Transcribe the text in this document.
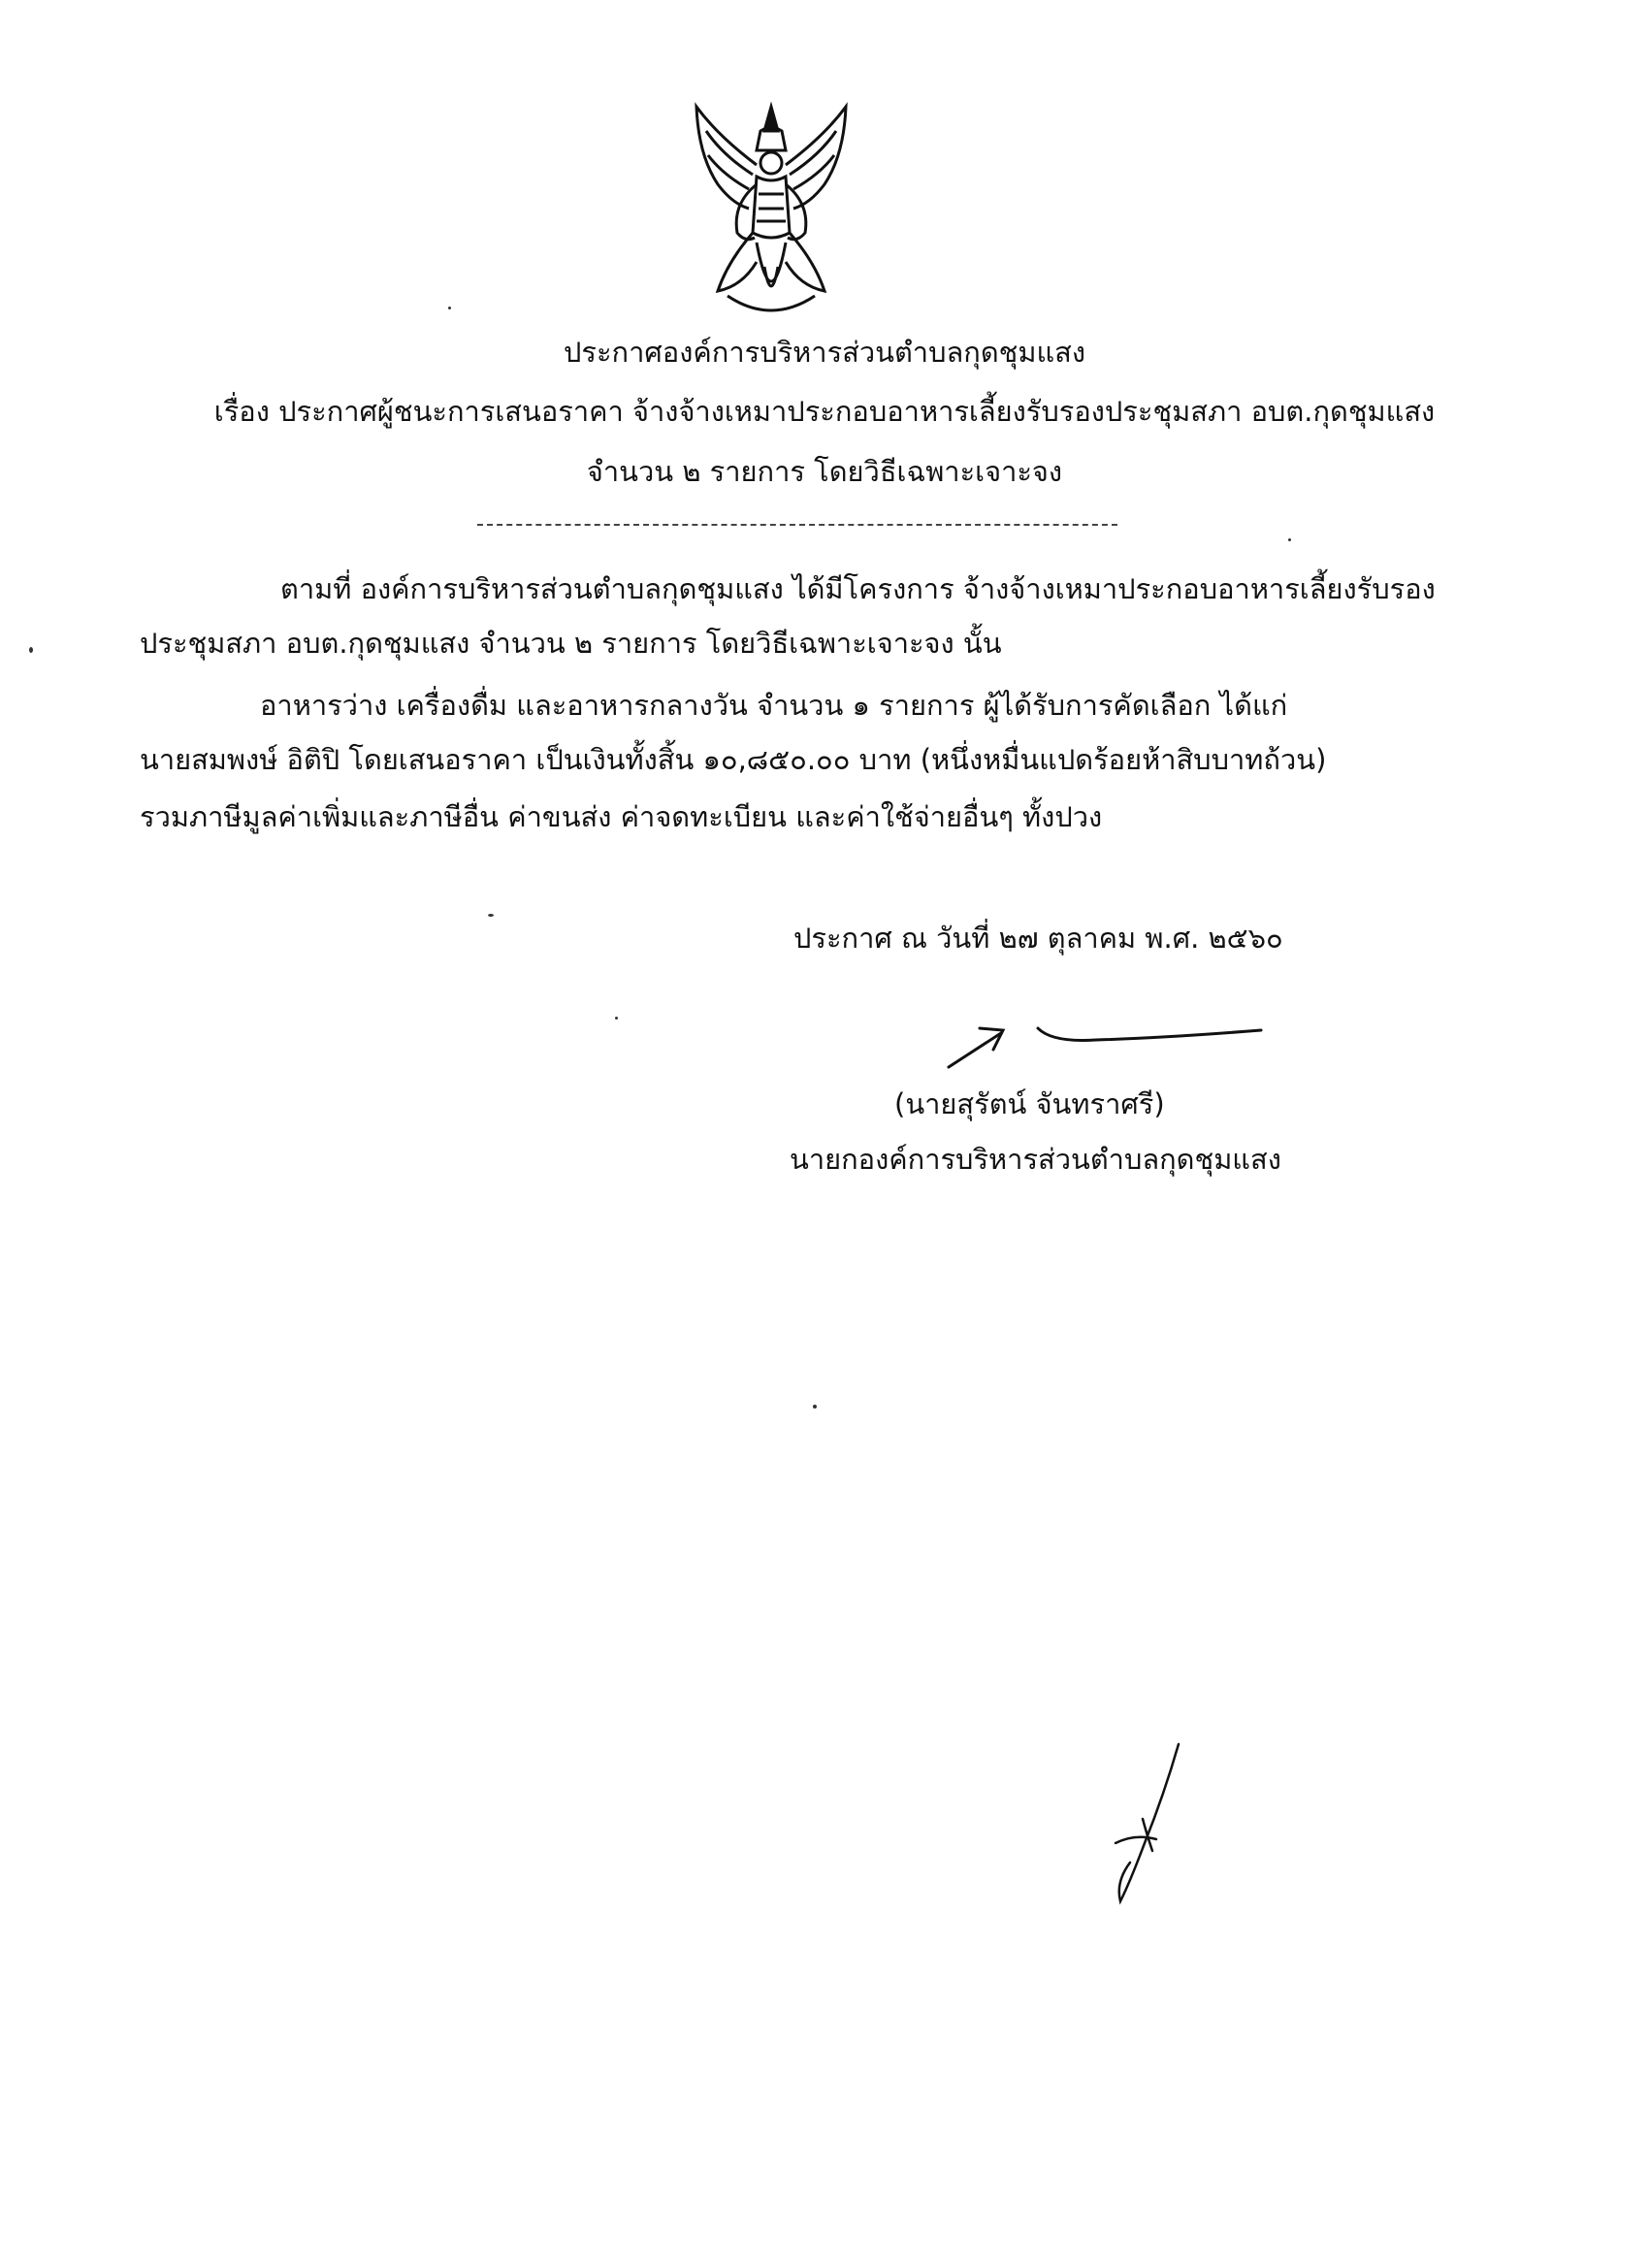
ประกาศองค์การบริหารส่วนตำบลกุดชุมแสง
เรื่อง ประกาศผู้ชนะการเสนอราคา จ้างจ้างเหมาประกอบอาหารเลี้ยงรับรองประชุมสภา อบต.กุดชุมแสง
จำนวน ๒ รายการ โดยวิธีเฉพาะเจาะจง
ตามที่ องค์การบริหารส่วนตำบลกุดชุมแสง ได้มีโครงการ จ้างจ้างเหมาประกอบอาหารเลี้ยงรับรอง
ประชุมสภา อบต.กุดชุมแสง จำนวน ๒ รายการ โดยวิธีเฉพาะเจาะจง นั้น
อาหารว่าง เครื่องดื่ม และอาหารกลางวัน จำนวน ๑ รายการ ผู้ได้รับการคัดเลือก ได้แก่
นายสมพงษ์ อิติปิ โดยเสนอราคา เป็นเงินทั้งสิ้น ๑๐,๘๕๐.๐๐ บาท (หนึ่งหมื่นแปดร้อยห้าสิบบาทถ้วน)
รวมภาษีมูลค่าเพิ่มและภาษีอื่น ค่าขนส่ง ค่าจดทะเบียน และค่าใช้จ่ายอื่นๆ ทั้งปวง
ประกาศ ณ วันที่ ๒๗ ตุลาคม พ.ศ. ๒๕๖๐
(นายสุรัตน์ จันทราศรี)
นายกองค์การบริหารส่วนตำบลกุดชุมแสง
